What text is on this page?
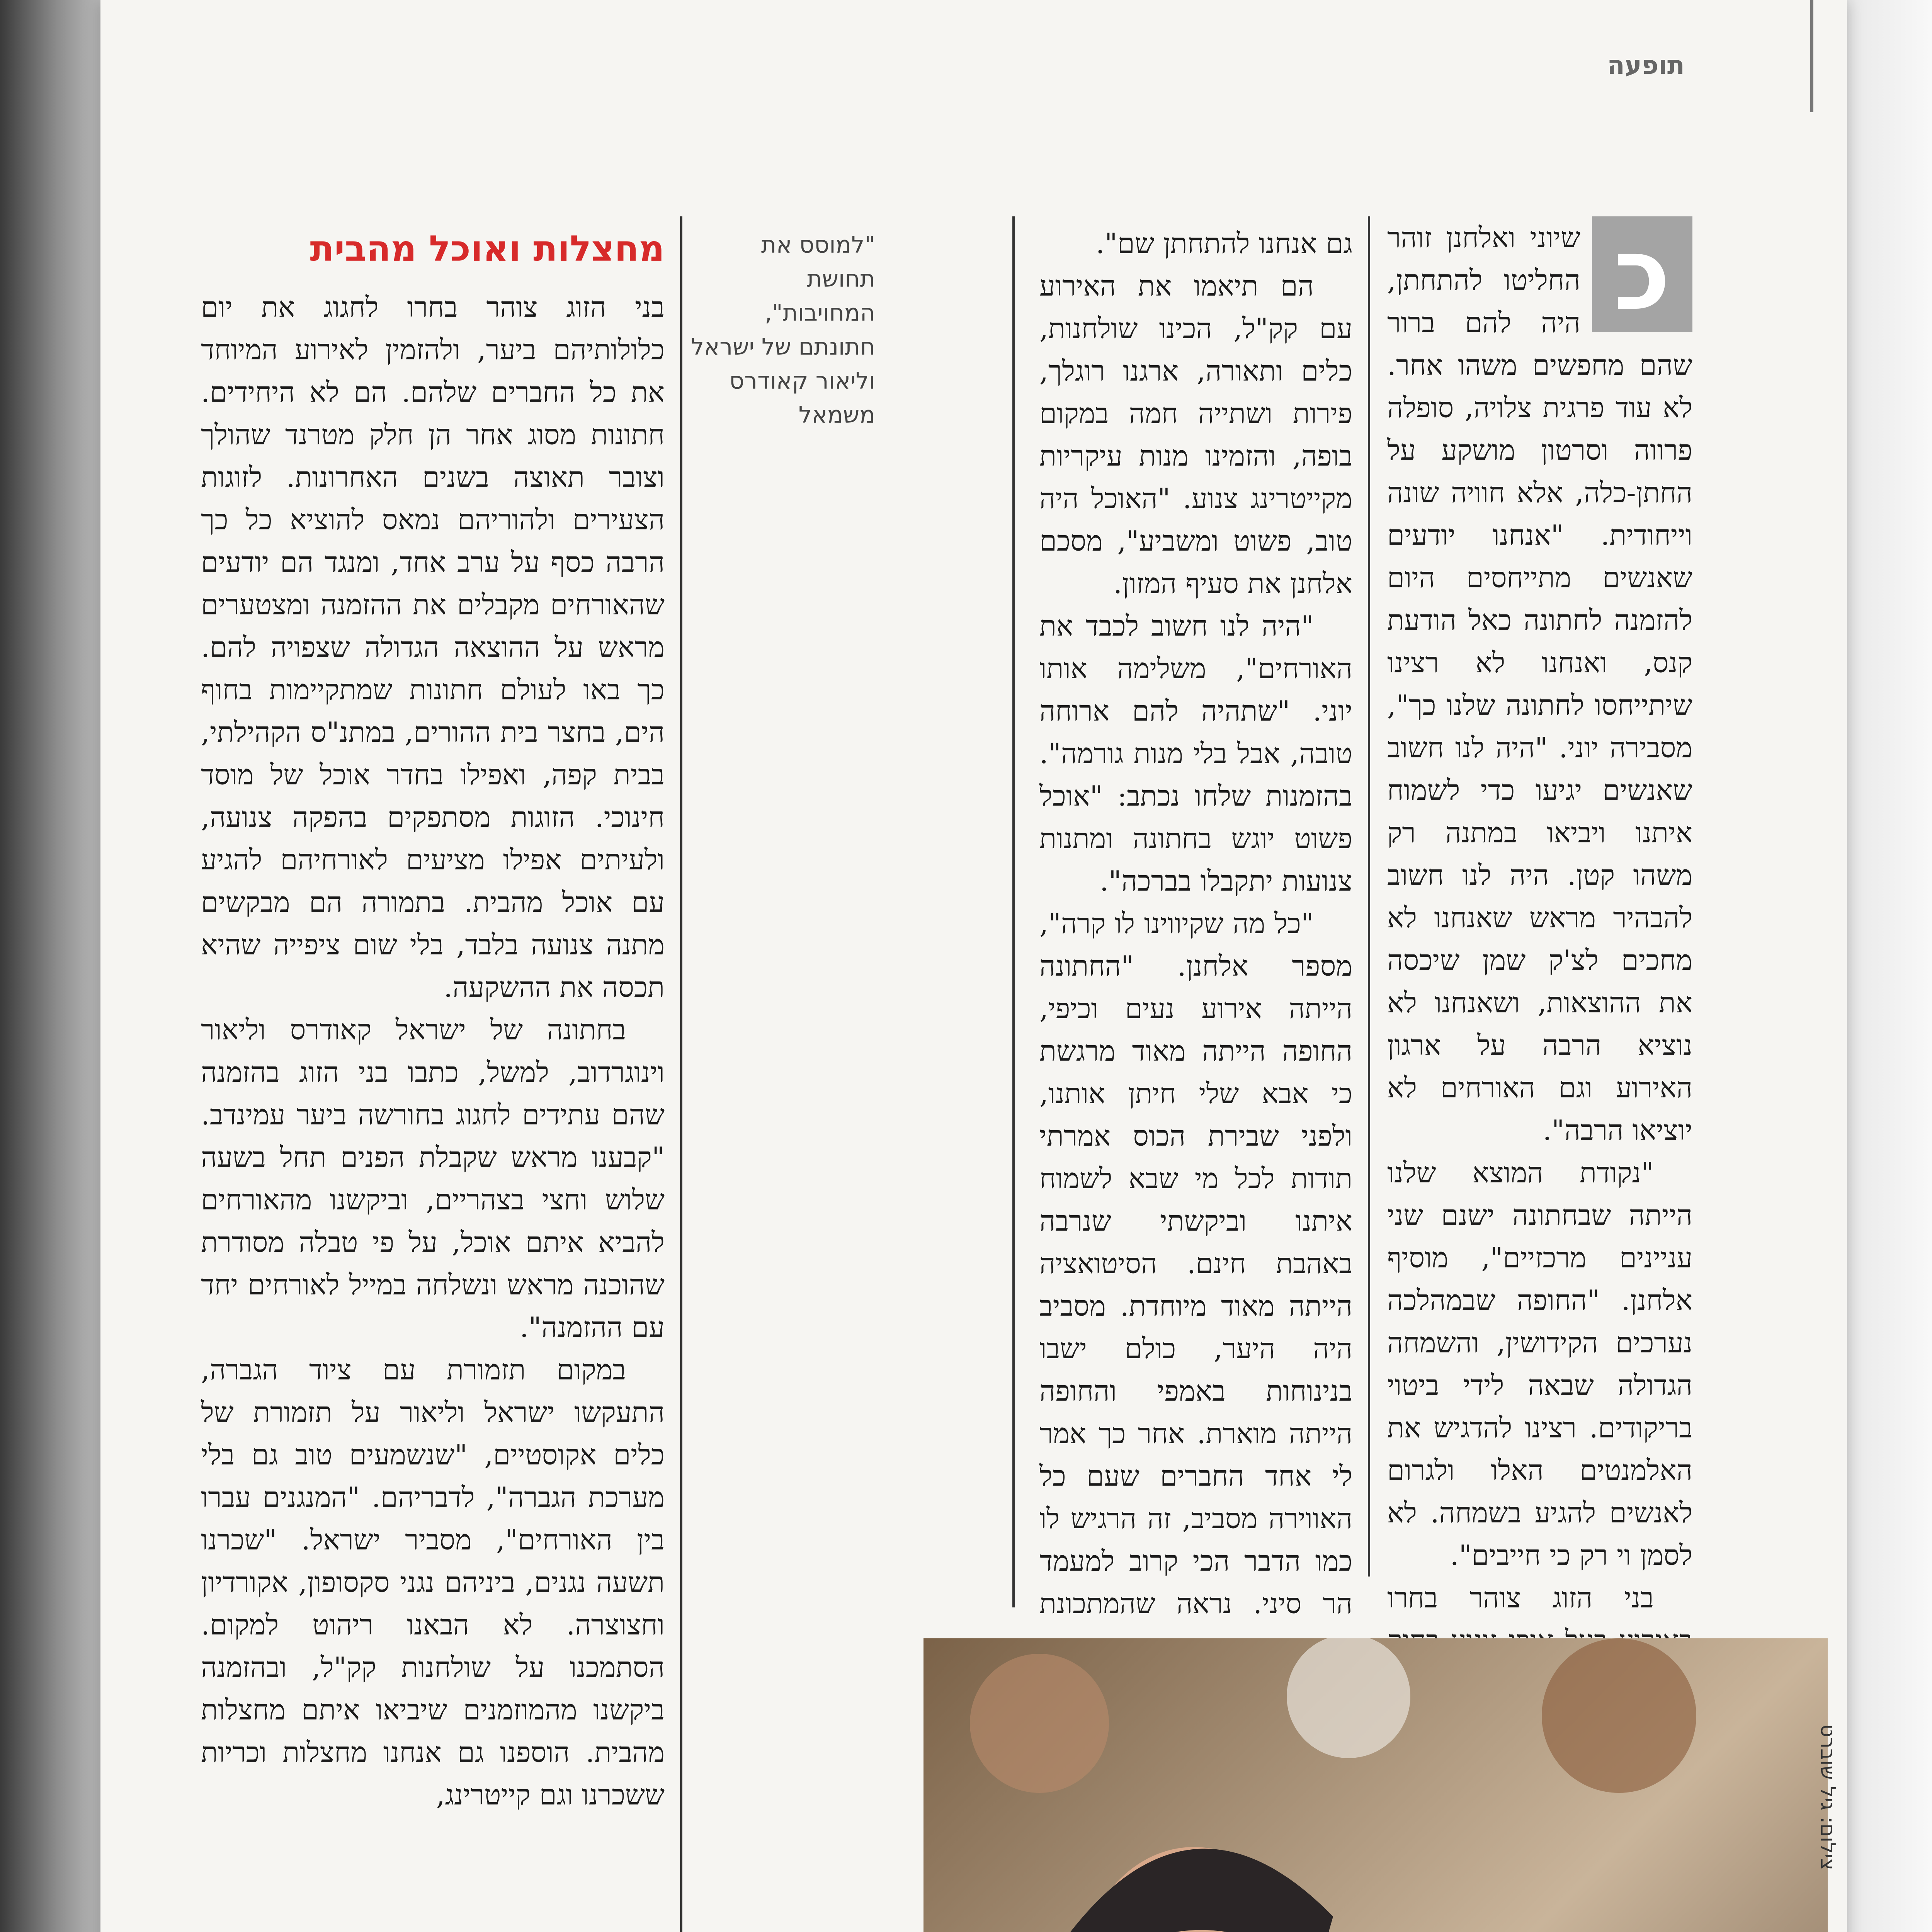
תופעה
כ

שיוני ואלחנן זוהר החליטו להתחתן, היה להם ברור שהם מחפשים משהו אחר. לא עוד פרגית צלויה, סופלה פרווה וסרטון מושקע על החתן-כלה, אלא חוויה שונה וייחודית. "אנחנו יודעים שאנשים מתייחסים היום להזמנה לחתונה כאל הודעת קנס, ואנחנו לא רצינו שיתייחסו לחתונה שלנו כך", מסבירה יוני. "היה לנו חשוב שאנשים יגיעו כדי לשמוח איתנו ויביאו במתנה רק משהו קטן. היה לנו חשוב להבהיר מראש שאנחנו לא מחכים לצ'ק שמן שיכסה את ההוצאות, ושאנחנו לא נוציא הרבה על ארגון האירוע וגם האורחים לא יוציאו הרבה".

"נקודת המוצא שלנו הייתה שבחתונה ישנם שני עניינים מרכזיים", מוסיף אלחנן. "החופה שבמהלכה נערכים הקידושין, והשמחה הגדולה שבאה לידי ביטוי בריקודים. רצינו להדגיש את האלמנטים האלו ולגרום לאנשים להגיע בשמחה. לא לסמן וי רק כי חייבים".

בני הזוג צוהר בחרו

גם אנחנו להתחתן שם".

הם תיאמו את האירוע עם קק"ל, הכינו שולחנות, כלים ותאורה, ארגנו רוגלך, פירות ושתייה חמה במקום בופה, והזמינו מנות עיקריות מקייטרינג צנוע. "האוכל היה טוב, פשוט ומשביע", מסכם אלחנן את סעיף המזון.

"היה לנו חשוב לכבד את האורחים", משלימה אותו יוני. "שתהיה להם ארוחה טובה, אבל בלי מנות גורמה". בהזמנות שלחו נכתב: "אוכל פשוט יוגש בחתונה ומתנות צנועות יתקבלו בברכה".

"כל מה שקיווינו לו קרה", מספר אלחנן. "החתונה הייתה אירוע נעים וכיפי, החופה הייתה מאוד מרגשת כי אבא שלי חיתן אותנו, ולפני שבירת הכוס אמרתי תודות לכל מי שבא לשמוח איתנו וביקשתי שנרבה באהבת חינם. הסיטואציה הייתה מאוד מיוחדת. מסביב היה היער, כולם ישבו בנינוחות באמפי והחופה הייתה מוארת. אחר כך אמר לי אחד החברים שעם כל האווירה מסביב, זה הרגיש לו כמו הדבר הכי קרוב למעמד הר סיני. נראה שהמתכונת

"למוסס את תחושת המחויבות", חתונתם של ישראל וליאור קאודרס משמאל
מחצלות ואוכל מהבית

בני הזוג צוהר בחרו לחגוג את יום כלולותיהם ביער, ולהזמין לאירוע המיוחד את כל החברים שלהם. הם לא היחידים. חתונות מסוג אחר הן חלק מטרנד שהולך וצובר תאוצה בשנים האחרונות. לזוגות הצעירים ולהוריהם נמאס להוציא כל כך הרבה כסף על ערב אחד, ומנגד הם יודעים שהאורחים מקבלים את ההזמנה ומצטערים מראש על ההוצאה הגדולה שצפויה להם. כך באו לעולם חתונות שמתקיימות בחוף הים, בחצר בית ההורים, במתנ"ס הקהילתי, בבית קפה, ואפילו בחדר אוכל של מוסד חינוכי. הזוגות מסתפקים בהפקה צנועה, ולעיתים אפילו מציעים לאורחיהם להגיע עם אוכל מהבית. בתמורה הם מבקשים מתנה צנועה בלבד, בלי שום ציפייה שהיא תכסה את ההשקעה.

בחתונה של ישראל קאודרס וליאור וינוגרדוב, למשל, כתבו בני הזוג בהזמנה שהם עתידים לחגוג בחורשה ביער עמינדב. "קבענו מראש שקבלת הפנים תחל בשעה שלוש וחצי בצהריים, וביקשנו מהאורחים להביא איתם אוכל, על פי טבלה מסודרת שהוכנה מראש ונשלחה במייל לאורחים יחד עם ההזמנה".

במקום תזמורת עם ציוד הגברה, התעקשו ישראל וליאור על תזמורת של כלים אקוסטיים, "שנשמעים טוב גם בלי מערכת הגברה", לדבריהם. "המנגנים עברו בין האורחים", מסביר ישראל. "שכרנו תשעה נגנים, ביניהם נגני סקסופון, אקורדיון וחצוצרה. לא הבאנו ריהוט למקום. הסתמכנו על שולחנות קק"ל, ובהזמנה ביקשנו מהמוזמנים שיביאו איתם מחצלות מהבית. הוספנו גם אנחנו מחצלות וכריות ששכרנו וגם קייטרינג,	צילום: גיל שוברט
